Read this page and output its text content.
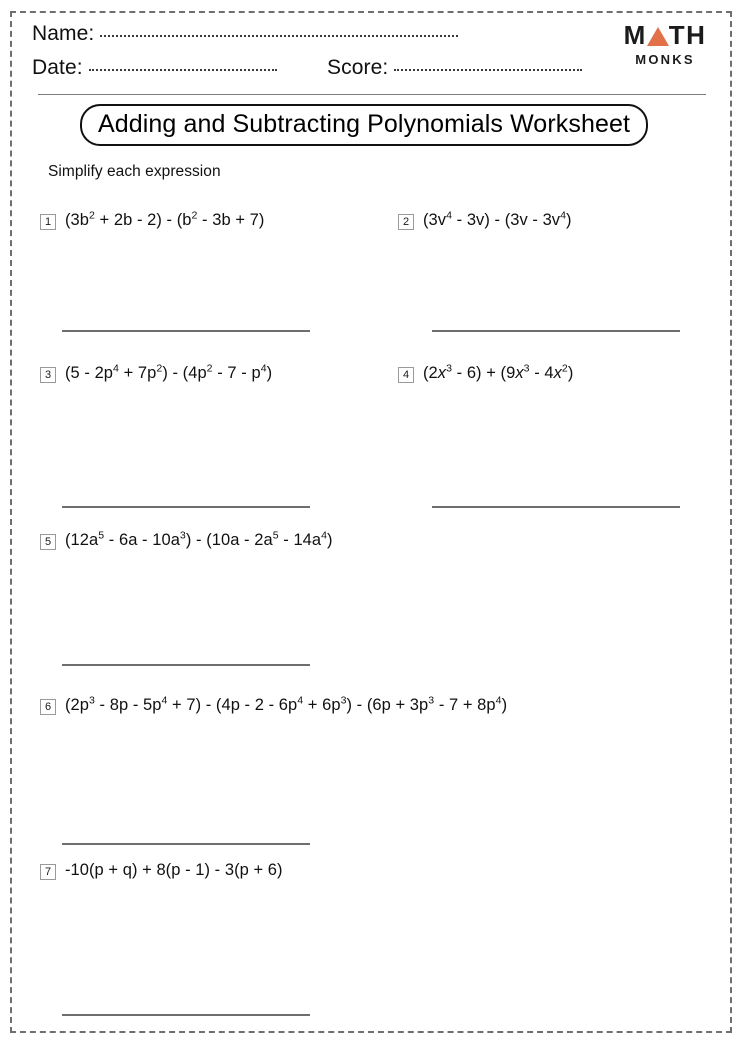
Name:
Date:	Score:
M TH
MONKS
Adding and Subtracting Polynomials Worksheet
Simplify each expression
1 $(3b^2 + 2b - 2) - (b^2 - 3b + 7)$	2 $(3v^4 - 3v) - (3v - 3v^4)$
3 $(5 - 2p^4 + 7p^2) - (4p^2 - 7 - p^4)$	4 $(2x^3 - 6) + (9x^3 - 4x^2)$
5 $(12a^5 - 6a - 10a^3) - (10a - 2a^5 - 14a^4)$
6 $(2p^3 - 8p - 5p^4 + 7) - (4p - 2 - 6p^4 + 6p^3) - (6p + 3p^3 - 7 + 8p^4)$
7 -10(p + q) + 8(p - 1) - 3(p + 6)
